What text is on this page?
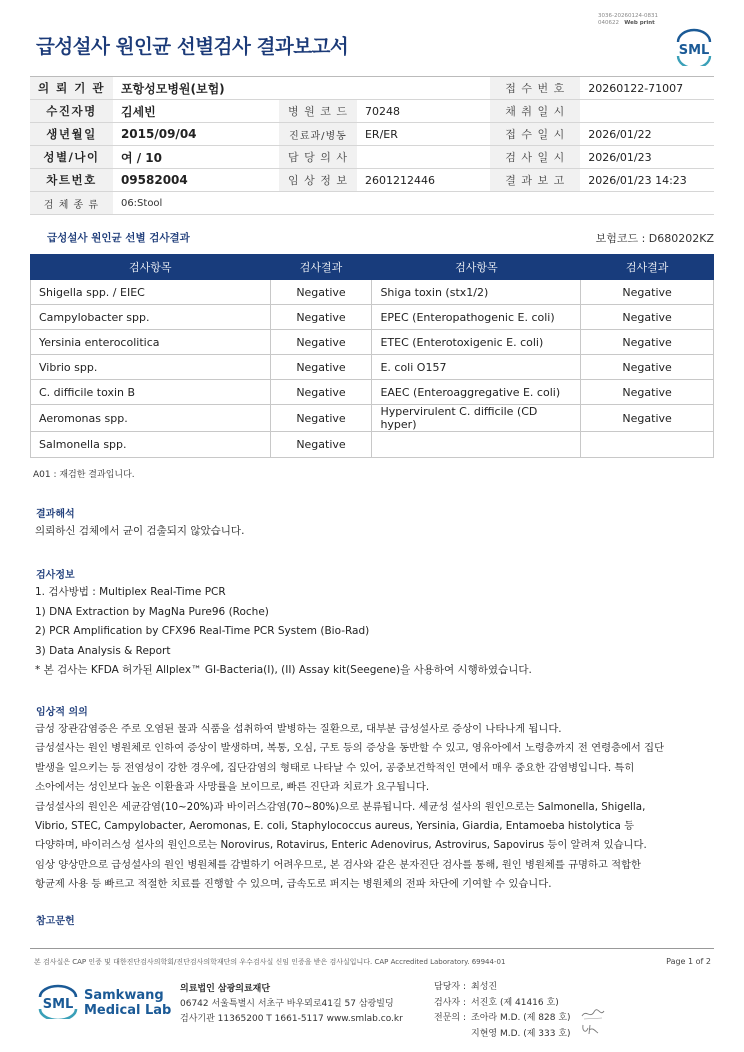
3036-20260124-0831
040622 Web print
급성설사 원인균 선별검사 결과보고서	SML
의 뢰 기 관	포항성모병원(보험)			접 수 번 호	20260122-71007
수진자명	김세빈	병 원 코 드	70248	채 취 일 시	
생년월일	2015/09/04	진료과/병동	ER/ER	접 수 일 시	2026/01/22
성별/나이	여 / 10	담 당 의 사		검 사 일 시	2026/01/23
차트번호	09582004	임 상 정 보	2601212446	결 과 보 고	2026/01/23 14:23
검 체 종 류	06:Stool				
급성설사 원인균 선별 검사결과	보험코드 : D680202KZ
검사항목	검사결과	검사항목	검사결과
Shigella spp. / EIEC	Negative	Shiga toxin (stx1/2)	Negative
Campylobacter spp.	Negative	EPEC (Enteropathogenic E. coli)	Negative
Yersinia enterocolitica	Negative	ETEC (Enterotoxigenic E. coli)	Negative
Vibrio spp.	Negative	E. coli O157	Negative
C. difficile toxin B	Negative	EAEC (Enteroaggregative E. coli)	Negative
Aeromonas spp.	Negative	Hypervirulent C. difficile (CD hyper)	Negative
Salmonella spp.	Negative		
A01 : 재검한 결과입니다.
결과해석
의뢰하신 검체에서 균이 검출되지 않았습니다.
검사정보
1. 검사방법 : Multiplex Real-Time PCR
1) DNA Extraction by MagNa Pure96 (Roche)
2) PCR Amplification by CFX96 Real-Time PCR System (Bio-Rad)
3) Data Analysis & Report
* 본 검사는 KFDA 허가된 Allplex™ GI-Bacteria(I), (II) Assay kit(Seegene)을 사용하여 시행하였습니다.
임상적 의의
급성 장관감염증은 주로 오염된 물과 식품을 섭취하여 발병하는 질환으로, 대부분 급성설사로 증상이 나타나게 됩니다.
급성설사는 원인 병원체로 인하여 증상이 발생하며, 복통, 오심, 구토 등의 증상을 동반할 수 있고, 영유아에서 노령층까지 전 연령층에서 집단
발생을 일으키는 등 전염성이 강한 경우에, 집단감염의 형태로 나타날 수 있어, 공중보건학적인 면에서 매우 중요한 감염병입니다. 특히
소아에서는 성인보다 높은 이환율과 사망률을 보이므로, 빠른 진단과 치료가 요구됩니다.
급성설사의 원인은 세균감염(10~20%)과 바이러스감염(70~80%)으로 분류됩니다. 세균성 설사의 원인으로는 Salmonella, Shigella,
Vibrio, STEC, Campylobacter, Aeromonas, E. coli, Staphylococcus aureus, Yersinia, Giardia, Entamoeba histolytica 등
다양하며, 바이러스성 설사의 원인으로는 Norovirus, Rotavirus, Enteric Adenovirus, Astrovirus, Sapovirus 등이 알려져 있습니다.
임상 양상만으로 급성설사의 원인 병원체를 감별하기 어려우므로, 본 검사와 같은 분자진단 검사를 통해, 원인 병원체를 규명하고 적합한
항균제 사용 등 빠르고 적절한 치료를 진행할 수 있으며, 급속도로 퍼지는 병원체의 전파 차단에 기여할 수 있습니다.
참고문헌
본 검사실은 CAP 인증 및 대한진단검사의학회/진단검사의학재단의 우수검사실 신임 인증을 받은 검사실입니다. CAP Accredited Laboratory. 69944-01	Page 1 of 2
SML
Samkwang
Medical Lab
의료법인 삼광의료재단
06742 서울특별시 서초구 바우뫼로41길 57 삼광빌딩
검사기관 11365200 T 1661-5117 www.smlab.co.kr
담당자 : 최성진
검사자 : 서진호 (제 41416 호)
전문의 : 조아라 M.D. (제 828 호)
지현영 M.D. (제 333 호)
